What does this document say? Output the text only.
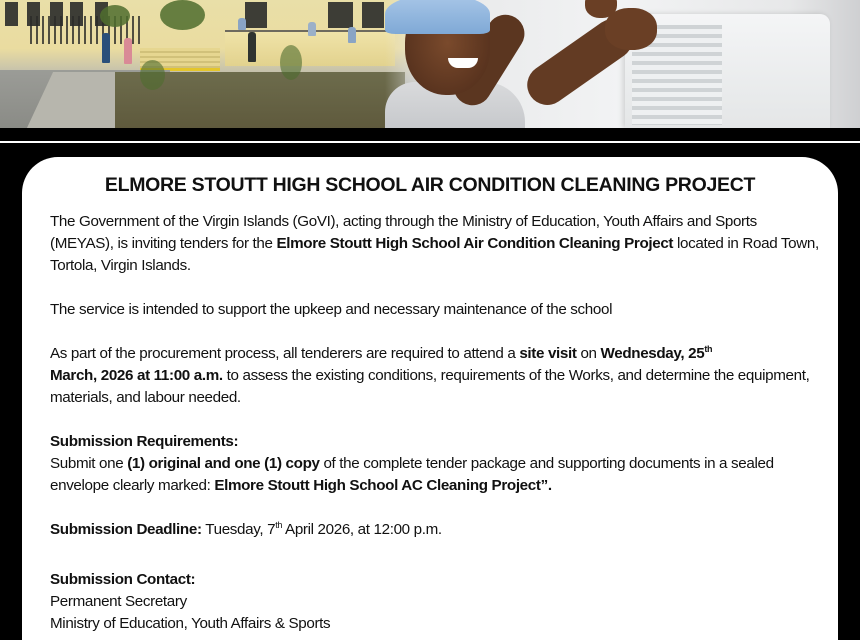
ELMORE STOUTT HIGH SCHOOL AIR CONDITION CLEANING PROJECT

The Government of the Virgin Islands (GoVI), acting through the Ministry of Education, Youth Affairs and Sports (MEYAS), is inviting tenders for the Elmore Stoutt High School Air Condition Cleaning Project located in Road Town, Tortola, Virgin Islands.

The service is intended to support the upkeep and necessary maintenance of the school

As part of the procurement process, all tenderers are required to attend a site visit on Wednesday, 25th
March, 2026 at 11:00 a.m. to assess the existing conditions, requirements of the Works, and determine the equipment, materials, and labour needed.

Submission Requirements:

Submit one (1) original and one (1) copy of the complete tender package and supporting documents in a sealed envelope clearly marked: Elmore Stoutt High School AC Cleaning Project”.

Submission Deadline: Tuesday, 7th April 2026, at 12:00 p.m.

Submission Contact:

Permanent Secretary

Ministry of Education, Youth Affairs & Sports
